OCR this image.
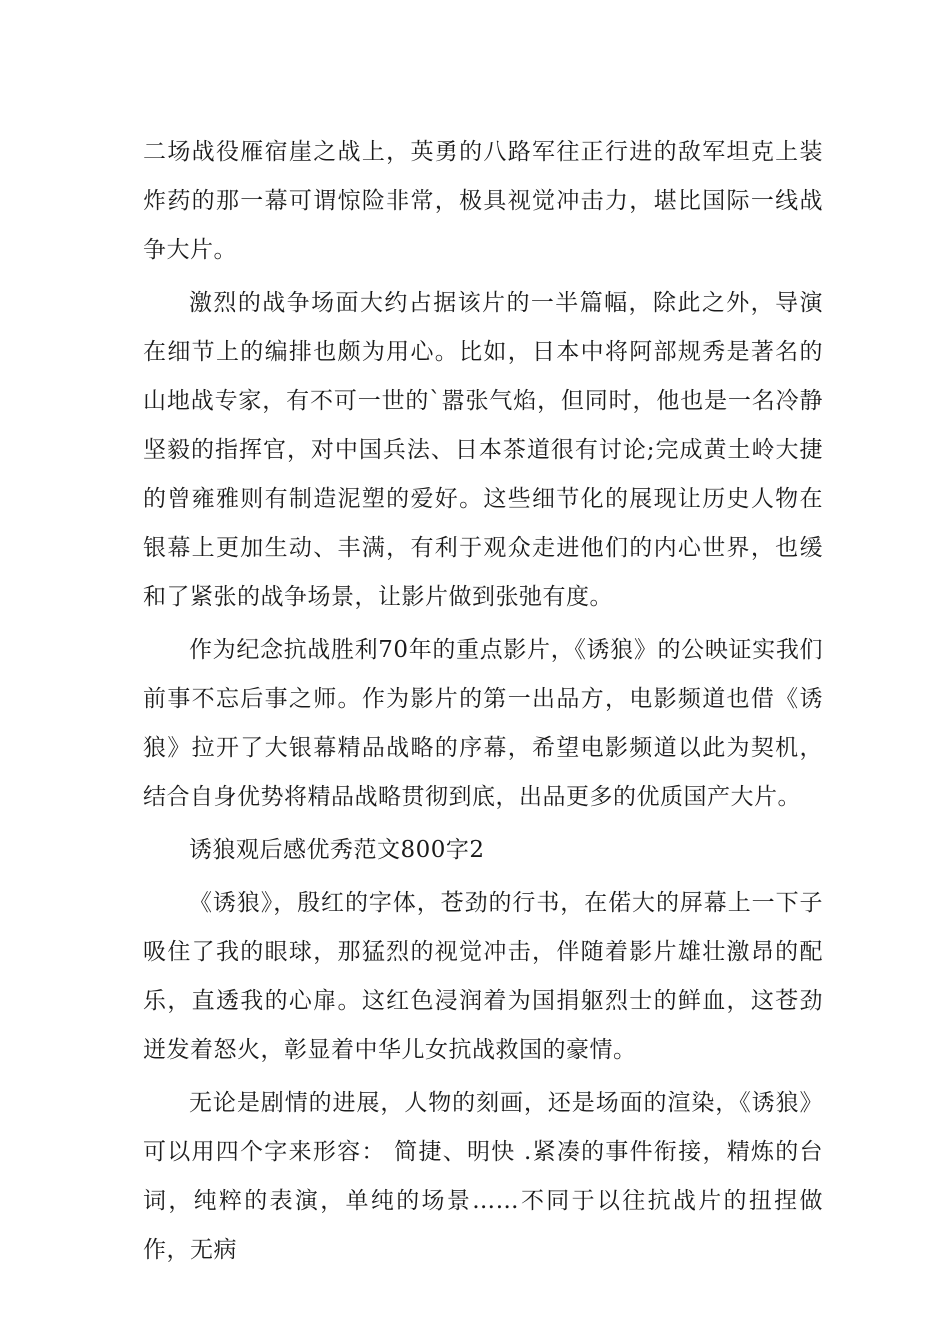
二场战役雁宿崖之战上，英勇的八路军往正行进的敌军坦克上装炸药的那一幕可谓惊险非常，极具视觉冲击力，堪比国际一线战争大片。

激烈的战争场面大约占据该片的一半篇幅，除此之外，导演在细节上的编排也颇为用心。比如，日本中将阿部规秀是著名的山地战专家，有不可一世的`嚣张气焰，但同时，他也是一名冷静坚毅的指挥官，对中国兵法、日本茶道很有讨论;完成黄土岭大捷的曾雍雅则有制造泥塑的爱好。这些细节化的展现让历史人物在银幕上更加生动、丰满，有利于观众走进他们的内心世界，也缓和了紧张的战争场景，让影片做到张弛有度。

作为纪念抗战胜利70年的重点影片，《诱狼》的公映证实我们前事不忘后事之师。作为影片的第一出品方，电影频道也借《诱狼》拉开了大银幕精品战略的序幕，希望电影频道以此为契机，结合自身优势将精品战略贯彻到底，出品更多的优质国产大片。

诱狼观后感优秀范文800字2

《诱狼》，殷红的字体，苍劲的行书，在偌大的屏幕上一下子吸住了我的眼球，那猛烈的视觉冲击，伴随着影片雄壮激昂的配乐，直透我的心扉。这红色浸润着为国捐躯烈士的鲜血，这苍劲迸发着怒火，彰显着中华儿女抗战救国的豪情。

无论是剧情的进展，人物的刻画，还是场面的渲染，《诱狼》可以用四个字来形容： 简捷、明快 .紧凑的事件衔接，精炼的台词，纯粹的表演，单纯的场景……不同于以往抗战片的扭捏做作，无病
